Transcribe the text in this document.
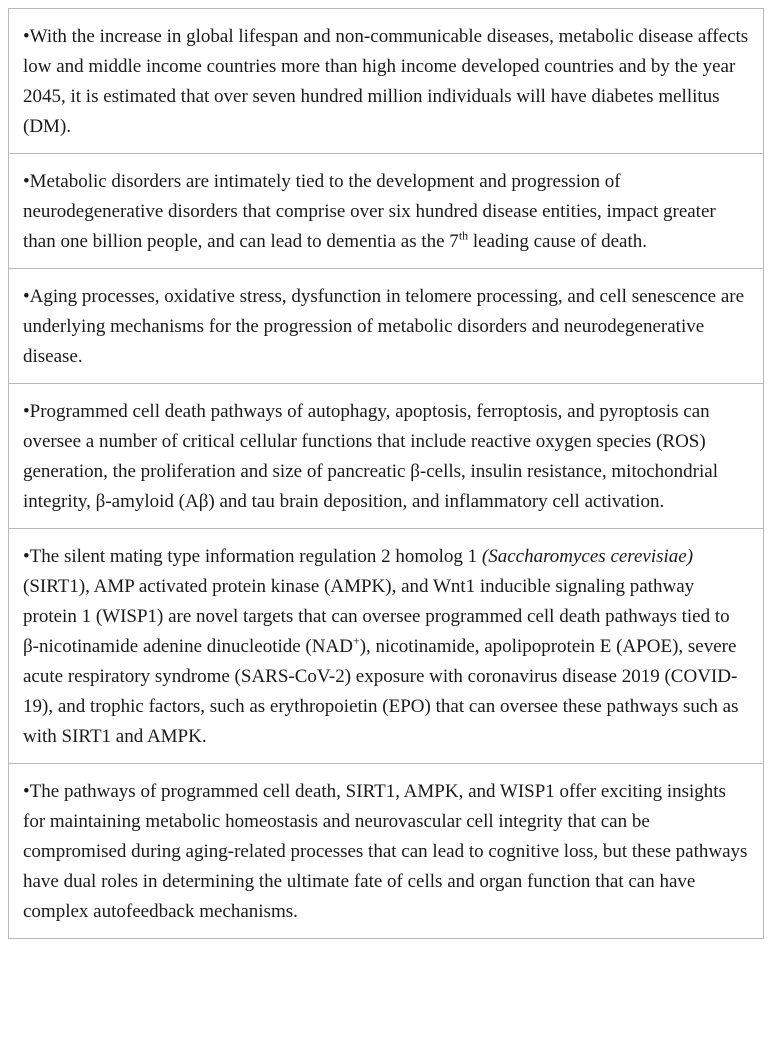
•With the increase in global lifespan and non-communicable diseases, metabolic disease affects low and middle income countries more than high income developed countries and by the year 2045, it is estimated that over seven hundred million individuals will have diabetes mellitus (DM).
•Metabolic disorders are intimately tied to the development and progression of neurodegenerative disorders that comprise over six hundred disease entities, impact greater than one billion people, and can lead to dementia as the 7th leading cause of death.
•Aging processes, oxidative stress, dysfunction in telomere processing, and cell senescence are underlying mechanisms for the progression of metabolic disorders and neurodegenerative disease.
•Programmed cell death pathways of autophagy, apoptosis, ferroptosis, and pyroptosis can oversee a number of critical cellular functions that include reactive oxygen species (ROS) generation, the proliferation and size of pancreatic β-cells, insulin resistance, mitochondrial integrity, β-amyloid (Aβ) and tau brain deposition, and inflammatory cell activation.
•The silent mating type information regulation 2 homolog 1 (Saccharomyces cerevisiae) (SIRT1), AMP activated protein kinase (AMPK), and Wnt1 inducible signaling pathway protein 1 (WISP1) are novel targets that can oversee programmed cell death pathways tied to β-nicotinamide adenine dinucleotide (NAD+), nicotinamide, apolipoprotein E (APOE), severe acute respiratory syndrome (SARS-CoV-2) exposure with coronavirus disease 2019 (COVID-19), and trophic factors, such as erythropoietin (EPO) that can oversee these pathways such as with SIRT1 and AMPK.
•The pathways of programmed cell death, SIRT1, AMPK, and WISP1 offer exciting insights for maintaining metabolic homeostasis and neurovascular cell integrity that can be compromised during aging-related processes that can lead to cognitive loss, but these pathways have dual roles in determining the ultimate fate of cells and organ function that can have complex autofeedback mechanisms.
